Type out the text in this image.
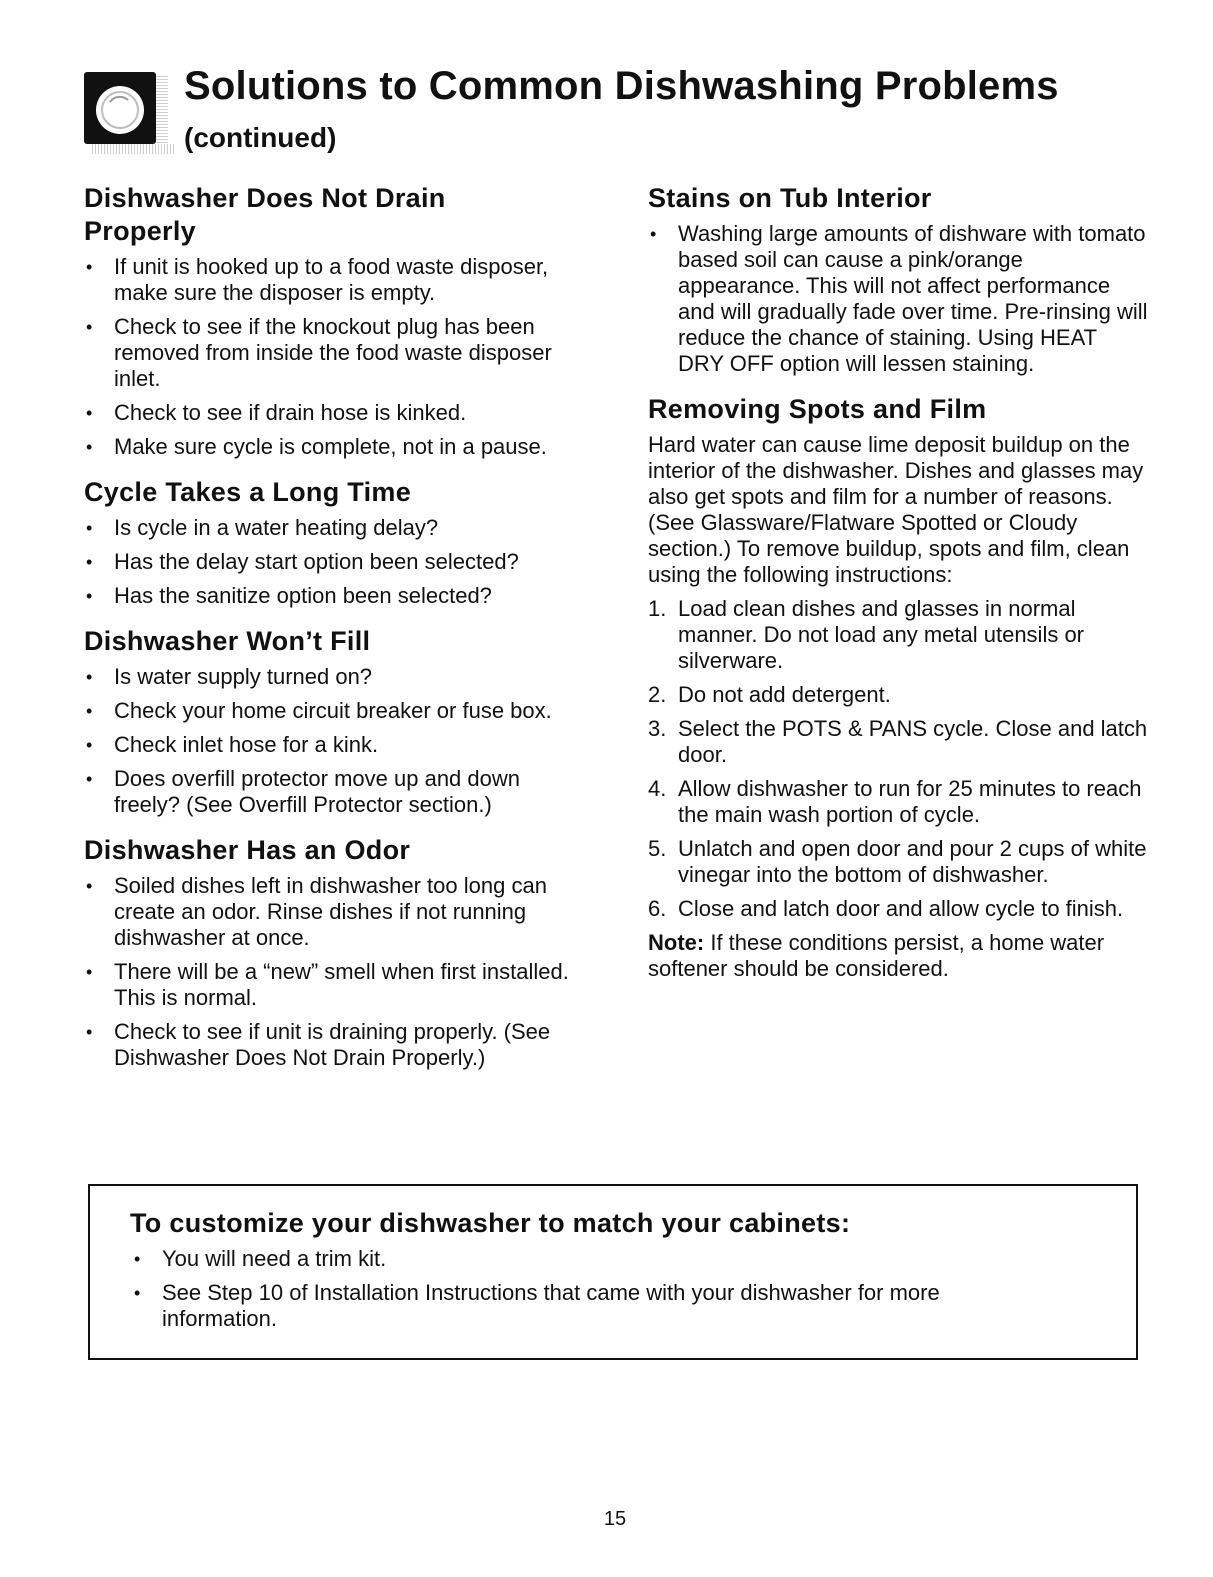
Solutions to Common Dishwashing Problems
(continued)
Dishwasher Does Not Drain
Properly
• If unit is hooked up to a food waste disposer, make sure the disposer is empty.
• Check to see if the knockout plug has been removed from inside the food waste disposer inlet.
• Check to see if drain hose is kinked.
• Make sure cycle is complete, not in a pause.
Cycle Takes a Long Time
• Is cycle in a water heating delay?
• Has the delay start option been selected?
• Has the sanitize option been selected?
Dishwasher Won’t Fill
• Is water supply turned on?
• Check your home circuit breaker or fuse box.
• Check inlet hose for a kink.
• Does overfill protector move up and down freely? (See Overfill Protector section.)
Dishwasher Has an Odor
• Soiled dishes left in dishwasher too long can create an odor. Rinse dishes if not running dishwasher at once.
• There will be a “new” smell when first installed. This is normal.
• Check to see if unit is draining properly. (See Dishwasher Does Not Drain Properly.)
Stains on Tub Interior
• Washing large amounts of dishware with tomato based soil can cause a pink/orange appearance. This will not affect performance and will gradually fade over time. Pre-rinsing will reduce the chance of staining. Using HEAT DRY OFF option will lessen staining.
Removing Spots and Film

Hard water can cause lime deposit buildup on the interior of the dishwasher. Dishes and glasses may also get spots and film for a number of reasons. (See Glassware/Flatware Spotted or Cloudy section.) To remove buildup, spots and film, clean using the following instructions:

1. Load clean dishes and glasses in normal manner. Do not load any metal utensils or silverware.
2. Do not add detergent.
3. Select the POTS & PANS cycle. Close and latch door.
4. Allow dishwasher to run for 25 minutes to reach the main wash portion of cycle.
5. Unlatch and open door and pour 2 cups of white vinegar into the bottom of dishwasher.
6. Close and latch door and allow cycle to finish.

Note: If these conditions persist, a home water softener should be considered.

To customize your dishwasher to match your cabinets:
• You will need a trim kit.
• See Step 10 of Installation Instructions that came with your dishwasher for more information.
15
